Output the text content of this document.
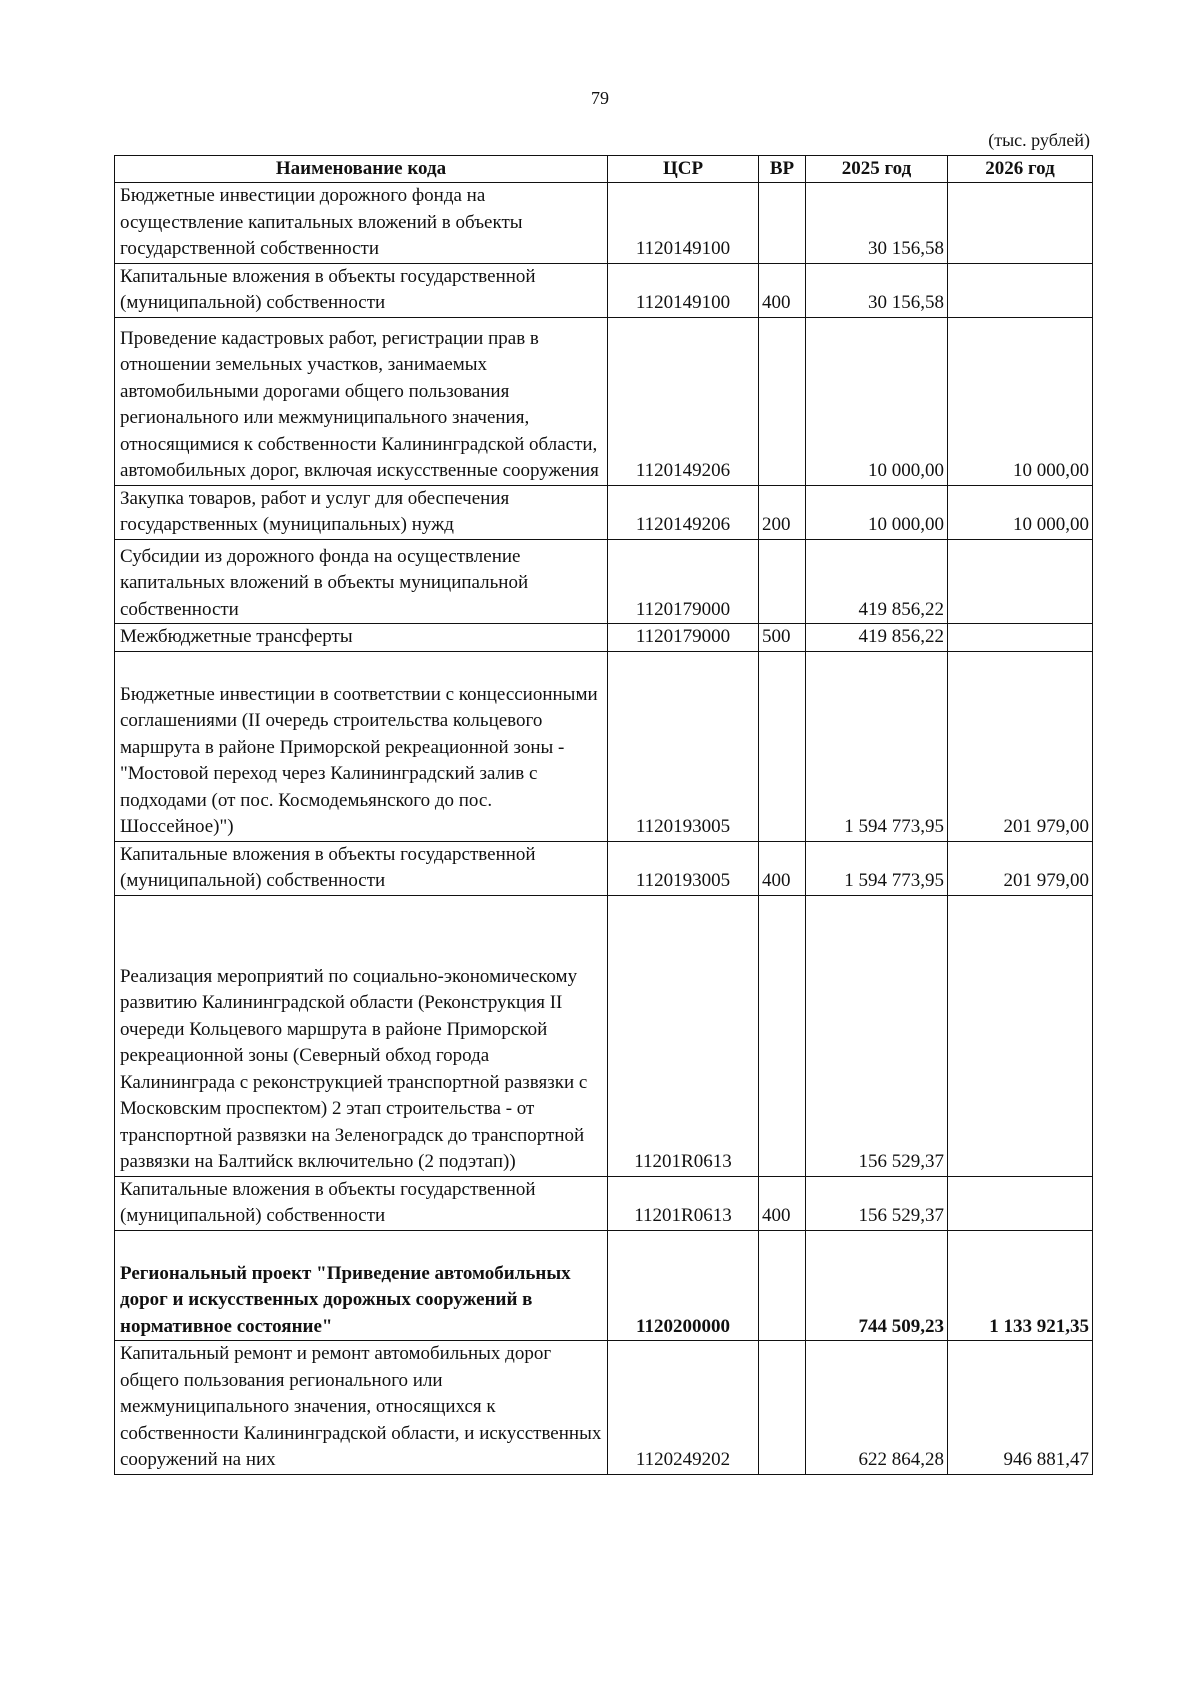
79
(тыс. рублей)
Наименование кода	ЦСР	ВР	2025 год	2026 год
Бюджетные инвестиции дорожного фонда на осуществление капитальных вложений в объекты государственной собственности	1120149100		30 156,58	
Капитальные вложения в объекты государственной (муниципальной) собственности	1120149100	400	30 156,58	
Проведение кадастровых работ, регистрации прав в отношении земельных участков, занимаемых автомобильными дорогами общего пользования регионального или межмуниципального значения, относящимися к собственности Калининградской области, автомобильных дорог, включая искусственные сооружения	1120149206		10 000,00	10 000,00
Закупка товаров, работ и услуг для обеспечения государственных (муниципальных) нужд	1120149206	200	10 000,00	10 000,00
Субсидии из дорожного фонда на осуществление капитальных вложений в объекты муниципальной собственности	1120179000		419 856,22	
Межбюджетные трансферты	1120179000	500	419 856,22	
Бюджетные инвестиции в соответствии с концессионными соглашениями (II очередь строительства кольцевого маршрута в районе Приморской рекреационной зоны - "Мостовой переход через Калининградский залив с подходами (от пос. Космодемьянского до пос. Шоссейное)")	1120193005		1 594 773,95	201 979,00
Капитальные вложения в объекты государственной (муниципальной) собственности	1120193005	400	1 594 773,95	201 979,00
Реализация мероприятий по социально-экономическому развитию Калининградской области (Реконструкция II очереди Кольцевого маршрута в районе Приморской рекреационной зоны (Северный обход города Калининграда с реконструкцией транспортной развязки с Московским проспектом) 2 этап строительства - от транспортной развязки на Зеленоградск до транспортной развязки на Балтийск включительно (2 подэтап))	11201R0613		156 529,37	
Капитальные вложения в объекты государственной (муниципальной) собственности	11201R0613	400	156 529,37	
Региональный проект "Приведение автомобильных дорог и искусственных дорожных сооружений в нормативное состояние"	1120200000		744 509,23	1 133 921,35
Капитальный ремонт и ремонт автомобильных дорог общего пользования регионального или межмуниципального значения, относящихся к собственности Калининградской области, и искусственных сооружений на них	1120249202		622 864,28	946 881,47
